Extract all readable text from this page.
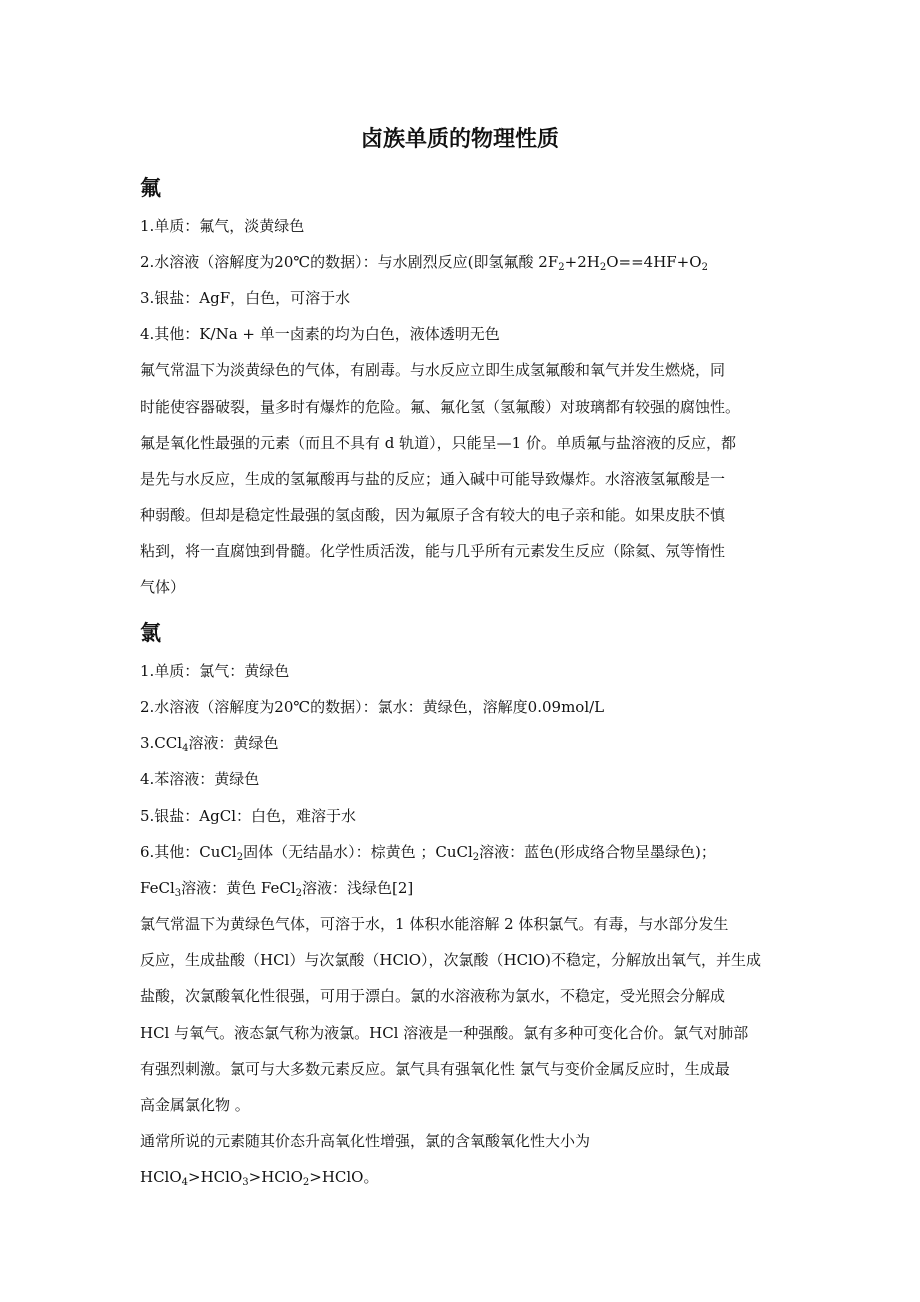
卤族单质的物理性质
氟
1.单质：氟气，淡黄绿色
2.水溶液（溶解度为20℃的数据）：与水剧烈反应(即氢氟酸 $2F_2+2H_2O==4HF+O_2$
3.银盐：AgF，白色，可溶于水
4.其他：K/Na + 单一卤素的均为白色，液体透明无色
氟气常温下为淡黄绿色的气体，有剧毒。与水反应立即生成氢氟酸和氧气并发生燃烧，同
时能使容器破裂，量多时有爆炸的危险。氟、氟化氢（氢氟酸）对玻璃都有较强的腐蚀性。
氟是氧化性最强的元素（而且不具有 d 轨道），只能呈—1 价。单质氟与盐溶液的反应，都
是先与水反应，生成的氢氟酸再与盐的反应；通入碱中可能导致爆炸。水溶液氢氟酸是一
种弱酸。但却是稳定性最强的氢卤酸，因为氟原子含有较大的电子亲和能。如果皮肤不慎
粘到，将一直腐蚀到骨髓。化学性质活泼，能与几乎所有元素发生反应（除氦、氖等惰性
气体）
氯
1.单质：氯气：黄绿色
2.水溶液（溶解度为20℃的数据）：氯水：黄绿色，溶解度0.09mol/L
3.CCl$_4$溶液：黄绿色
4.苯溶液：黄绿色
5.银盐：AgCl：白色，难溶于水
6.其他：CuCl$_2$固体（无结晶水）：棕黄色 ；CuCl$_2$溶液：蓝色(形成络合物呈墨绿色)；
FeCl$_3$溶液：黄色 FeCl$_2$溶液：浅绿色[2]
氯气常温下为黄绿色气体，可溶于水，1 体积水能溶解 2 体积氯气。有毒，与水部分发生
反应，生成盐酸（HCl）与次氯酸（HClO），次氯酸（HClO)不稳定，分解放出氧气，并生成
盐酸，次氯酸氧化性很强，可用于漂白。氯的水溶液称为氯水，不稳定，受光照会分解成
HCl 与氧气。液态氯气称为液氯。HCl 溶液是一种强酸。氯有多种可变化合价。氯气对肺部
有强烈刺激。氯可与大多数元素反应。氯气具有强氧化性 氯气与变价金属反应时，生成最
高金属氯化物 。
通常所说的元素随其价态升高氧化性增强，氯的含氧酸氧化性大小为
HClO$_4$>HClO$_3$>HClO$_2$>HClO。
